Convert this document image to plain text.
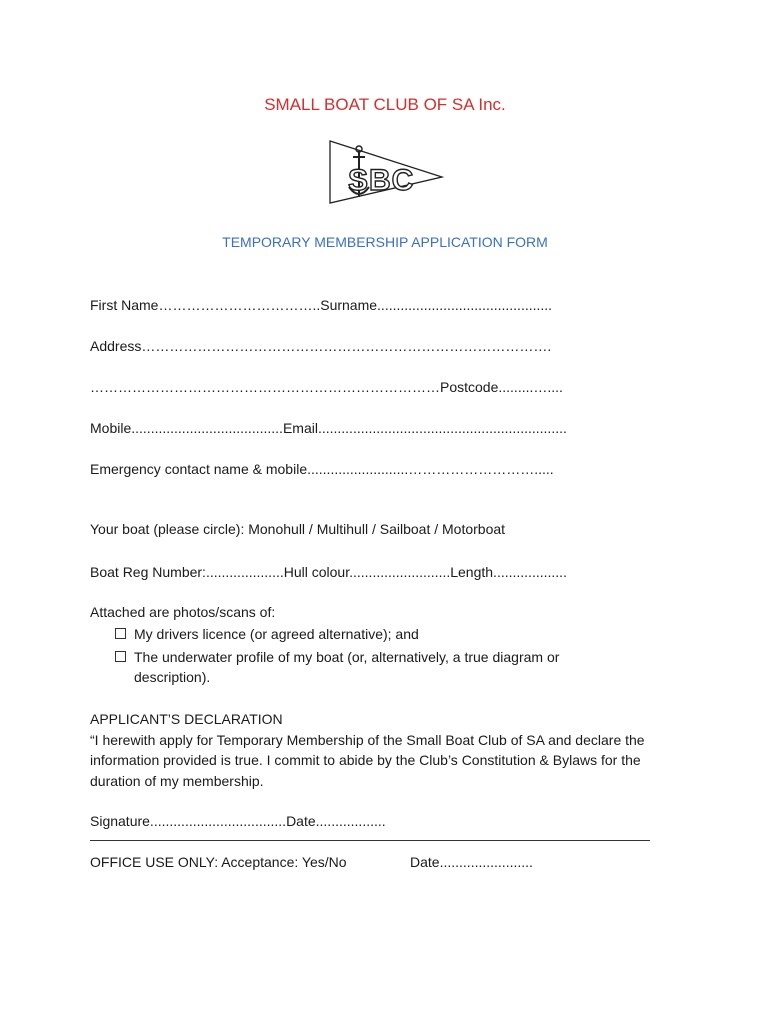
SMALL BOAT CLUB OF SA Inc.
SBC
TEMPORARY MEMBERSHIP APPLICATION FORM
First Name……………………………..Surname.............................................
Address…………………………………………………………………………….
…………………………………………………………………Postcode.........…....
Mobile.......................................Email................................................................
Emergency contact name & mobile..........................……………………….....
Your boat (please circle): Monohull / Multihull / Sailboat / Motorboat
Boat Reg Number:....................Hull colour..........................Length...................
Attached are photos/scans of:
My drivers licence (or agreed alternative); and
The underwater profile of my boat (or, alternatively, a true diagram or description).
APPLICANT’S DECLARATION
“I herewith apply for Temporary Membership of the Small Boat Club of SA and declare the information provided is true. I commit to abide by the Club’s Constitution & Bylaws for the duration of my membership.
Signature...................................Date..................
OFFICE USE ONLY: Acceptance: Yes/No	Date........................
